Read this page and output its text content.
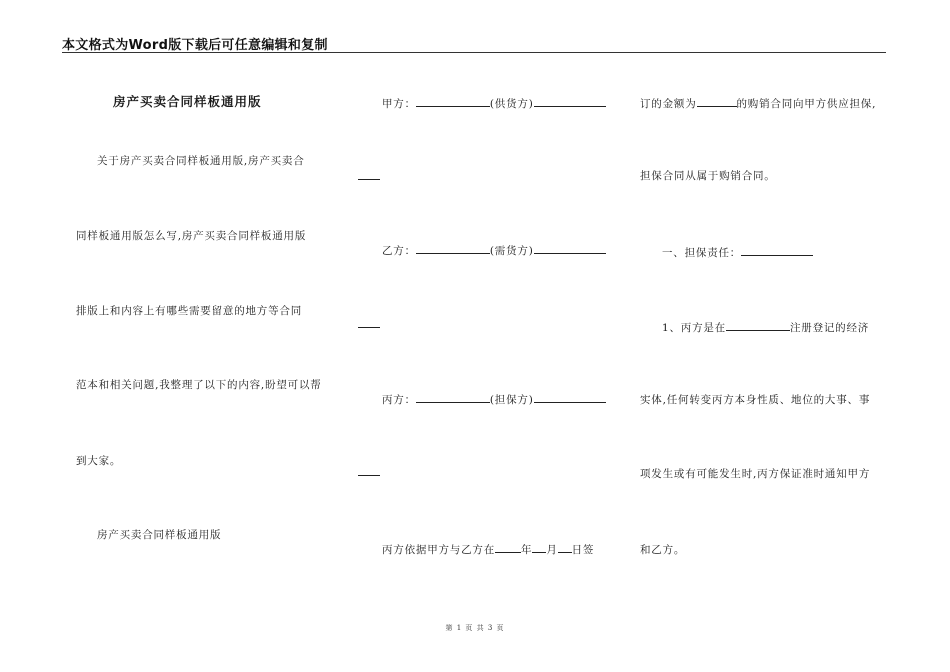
本文格式为Word版下载后可任意编辑和复制
房产买卖合同样板通用版
关于房产买卖合同样板通用版,房产买卖合
同样板通用版怎么写,房产买卖合同样板通用版
排版上和内容上有哪些需要留意的地方等合同
范本和相关问题,我整理了以下的内容,盼望可以帮
到大家。
房产买卖合同样板通用版
甲方：	(供货方)
乙方：	(需货方)
丙方：	(担保方)
丙方依据甲方与乙方在 年 月 日签
订的金额为	的购销合同向甲方供应担保,
担保合同从属于购销合同。
一、担保责任：
1、丙方是在	注册登记的经济
实体,任何转变丙方本身性质、地位的大事、事
项发生或有可能发生时,丙方保证准时通知甲方
和乙方。
第 1 页 共 3 页
